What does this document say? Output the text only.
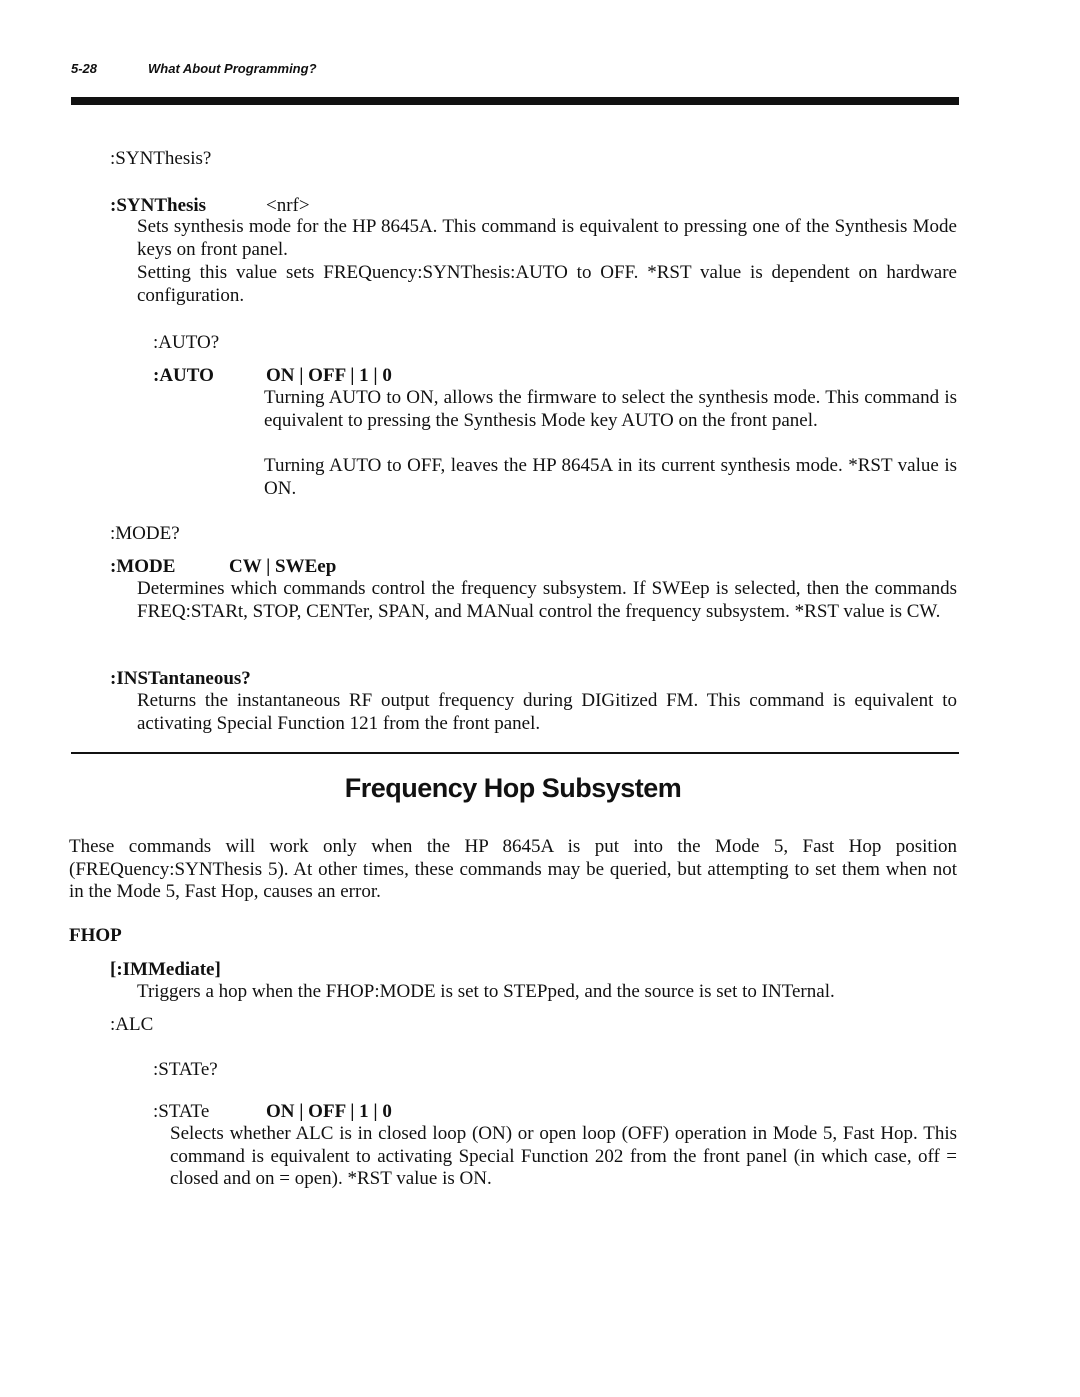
5-28	What About Programming?
:SYNThesis?
:SYNThesis	<nrf>
Sets synthesis mode for the HP 8645A. This command is equivalent to pressing one of the Synthesis Mode keys on front panel.
Setting this value sets FREQuency:SYNThesis:AUTO to OFF. *RST value is dependent on hardware configuration.
:AUTO?
:AUTO	ON | OFF | 1 | 0
Turning AUTO to ON, allows the firmware to select the synthesis mode. This command is equivalent to pressing the Synthesis Mode key AUTO on the front panel.
Turning AUTO to OFF, leaves the HP 8645A in its current synthesis mode. *RST value is ON.
:MODE?
:MODE	CW | SWEep
Determines which commands control the frequency subsystem. If SWEep is selected, then the commands FREQ:STARt, STOP, CENTer, SPAN, and MANual control the frequency subsystem. *RST value is CW.
:INSTantaneous?
Returns the instantaneous RF output frequency during DIGitized FM. This command is equivalent to activating Special Function 121 from the front panel.
Frequency Hop Subsystem
These commands will work only when the HP 8645A is put into the Mode 5, Fast Hop position (FREQuency:SYNThesis 5). At other times, these commands may be queried, but attempting to set them when not in the Mode 5, Fast Hop, causes an error.
FHOP
[:IMMediate]
Triggers a hop when the FHOP:MODE is set to STEPped, and the source is set to INTernal.
:ALC
:STATe?
:STATe	ON | OFF | 1 | 0
Selects whether ALC is in closed loop (ON) or open loop (OFF) operation in Mode 5, Fast Hop. This command is equivalent to activating Special Function 202 from the front panel (in which case, off = closed and on = open). *RST value is ON.
